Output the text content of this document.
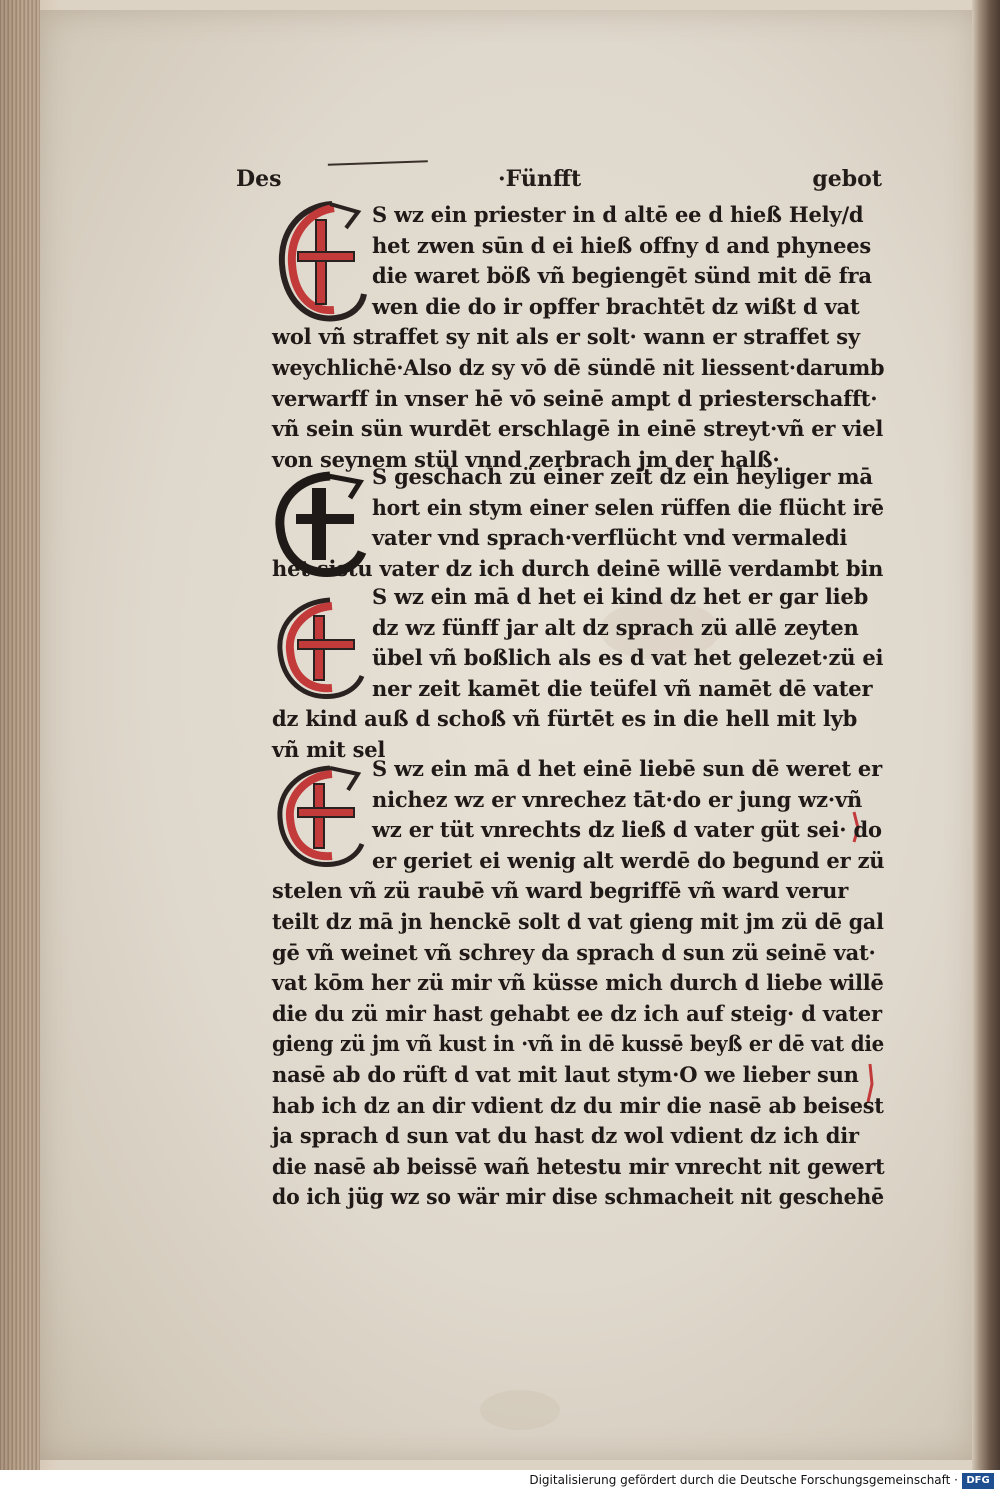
Des	·Fünfft	gebot
S wz ein priester in d altē ee d hieß Hely/d
het zwen sūn d ei hieß offny d and phynees
die waret böß vñ begiengēt sünd mit dē fra
wen die do ir opffer brachtēt dz wißt d vat
wol vñ straffet sy nit als er solt· wann er straffet sy
weychlichē·Also dz sy vō dē sündē nit liessent·darumb
verwarff in vnser hē vō seinē ampt d priesterschafft·
vñ sein sün wurdēt erschlagē in einē streyt·vñ er viel
von seynem stül vnnd zerbrach jm der halß·
S geschach zü einer zeit dz ein heyliger mā
hort ein stym einer selen rüffen die flücht irē
vater vnd sprach·verflücht vnd vermaledi
het sistu vater dz ich durch deinē willē verdambt bin
S wz ein mā d het ei kind dz het er gar lieb
dz wz fünff jar alt dz sprach zü allē zeyten
übel vñ boßlich als es d vat het gelezet·zü ei
ner zeit kamēt die teüfel vñ namēt dē vater
dz kind auß d schoß vñ fürtēt es in die hell mit lyb
vñ mit sel
S wz ein mā d het einē liebē sun dē weret er
nichez wz er vnrechez tāt·do er jung wz·vñ
wz er tüt vnrechts dz ließ d vater güt sei· do
er geriet ei wenig alt werdē do begund er zü
stelen vñ zü raubē vñ ward begriffē vñ ward verur
teilt dz mā jn henckē solt d vat gieng mit jm zü dē gal
gē vñ weinet vñ schrey da sprach d sun zü seinē vat·
vat kōm her zü mir vñ küsse mich durch d liebe willē
die du zü mir hast gehabt ee dz ich auf steig· d vater
gieng zü jm vñ kust in ·vñ in dē kussē beyß er dē vat die
nasē ab do rüft d vat mit laut stym·O we lieber sun
hab ich dz an dir vdient dz du mir die nasē ab beisest
ja sprach d sun vat du hast dz wol vdient dz ich dir
die nasē ab beissē wañ hetestu mir vnrecht nit gewert
do ich jüg wz so wär mir dise schmacheit nit geschehē
Digitalisierung gefördert durch die Deutsche Forschungsgemeinschaft · DFG
